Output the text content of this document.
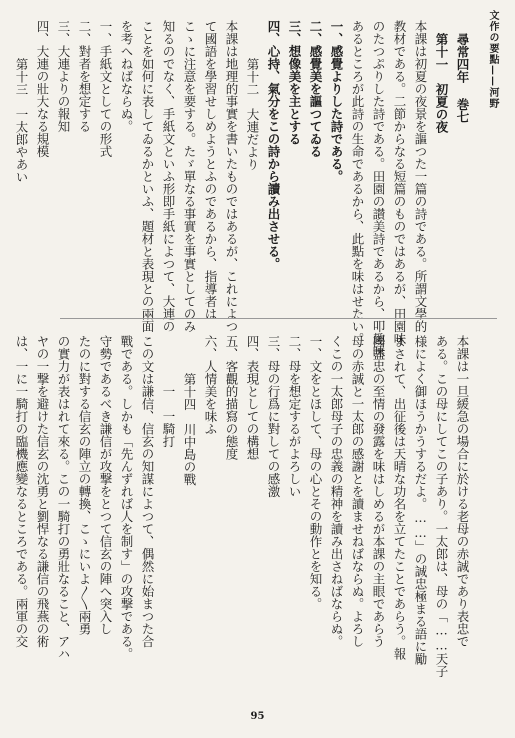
文作の要點——河野
尋常四年 巻七
第十一　初夏の夜
本課は初夏の夜景を謳つた一篇の詩である。所謂文學的
教材である。二節からなる短篇のものではあるが、田園味
のたつぷりした詩である。田園の讃美詩であるから、叩趣味
あるところが此詩の生命であるから、此點を味はせたい。
一、感覺よりした詩である。
二、感覺美を謳つてゐる
三、想像美を主とする
四、心持、氣分をこの詩から讀み出させる。
第十二　大連だより
本課は地理的事實を書いたものではあるが、これによつ
て國語を學習せしめようとふのであるから、指導者は
こゝに注意を要する。たゞ單なる事實を事實としてのみ
知るのでなく、手紙文といふ形即手紙によつて、大連の
ことを如何に表してゐるかといふ、題材と表現との兩面
を考へねばならぬ。
一、手紙文としての形式
二、對者を想定する
三、大連よりの報知
四、大連の壯大なる規模
第十三　一太郎やあい
本課は一旦緩急の場合に於ける老母の赤誠であり表忠で
ある。この母にしてこの子あり。一太郎は、母の「……天子
様によく御ほうかうするだよ。……」の誠忠極まる語に勵
まされて、出征後は天晴な功名を立てたことであらう。報
國盡忠の至情の發露を味はしめるが本課の主眼であらう
母の赤誠と一太郎の感謝とを讀ませねばならぬ。よろし
くこの一太郎母子の忠義の精神を讀み出さねばならぬ。
一、文をとほして、母の心とその動作とを知る。
二、母を想定するがよろしい
三、母の行爲に對しての感激
四、表現としての構想
五、客觀的描寫の態度
六、人情美を味ふ
第十四　川中島の戰
一　一騎打
この文は謙信、信玄の知謀によつて、偶然に始まつた合
戰である。しかも「先んずれば人を制す」の攻撃である。
守勢であるべき謙信が攻撃をとつて信玄の陣へ突入し
たのに對する信玄の陣立の轉換、こゝにいよ〳〵兩勇
の實力が表はれて來る。この一騎打の勇壯なること、アハ
ヤの一撃を避けた信玄の沈勇と劉悍なる謙信の飛燕の術
は、一に一騎打の臨機應變なるところである。兩軍の交
95
